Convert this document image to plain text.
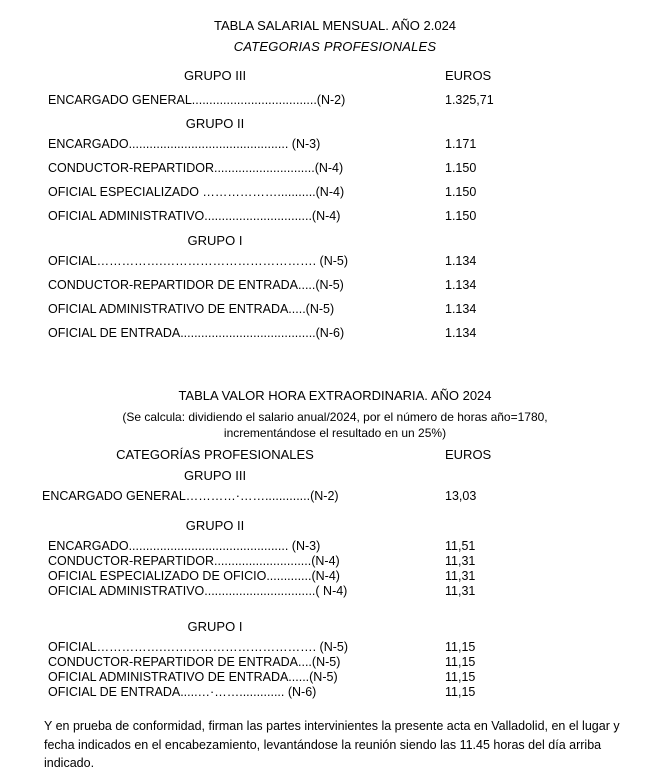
TABLA SALARIAL MENSUAL. AÑO 2.024
CATEGORIAS PROFESIONALES
GRUPO III	EUROS
ENCARGADO GENERAL....................................(N-2)	1.325,71
GRUPO II
ENCARGADO.............................................. (N-3)	1.171
CONDUCTOR-REPARTIDOR.............................(N-4)	1.150
OFICIAL ESPECIALIZADO ………………...........(N-4)	1.150
OFICIAL ADMINISTRATIVO...............................(N-4)	1.150
GRUPO I
OFICIAL…………….………………………………. (N-5)	1.134
CONDUCTOR-REPARTIDOR DE ENTRADA.....(N-5)	1.134
OFICIAL ADMINISTRATIVO DE ENTRADA.....(N-5)	1.134
OFICIAL DE ENTRADA.......................................(N-6)	1.134
TABLA VALOR HORA EXTRAORDINARIA. AÑO 2024
(Se calcula: dividiendo el salario anual/2024, por el número de horas año=1780,
incrementándose el resultado en un 25%)
CATEGORÍAS PROFESIONALES	EUROS
GRUPO III
ENCARGADO GENERAL…………·…….............(N-2)	13,03
GRUPO II
ENCARGADO.............................................. (N-3)	11,51
CONDUCTOR-REPARTIDOR............................(N-4)	11,31
OFICIAL ESPECIALIZADO DE OFICIO.............(N-4)	11,31
OFICIAL ADMINISTRATIVO................................( N-4)	11,31
GRUPO I
OFICIAL…………….………………………………. (N-5)	11,15
CONDUCTOR-REPARTIDOR DE ENTRADA....(N-5)	11,15
OFICIAL ADMINISTRATIVO DE ENTRADA......(N-5)	11,15
OFICIAL DE ENTRADA.....…·……............. (N-6)	11,15
Y en prueba de conformidad, firman las partes intervinientes la presente acta en Valladolid, en el lugar y fecha indicados en el encabezamiento, levantándose la reunión siendo las 11.45 horas del día arriba indicado.
